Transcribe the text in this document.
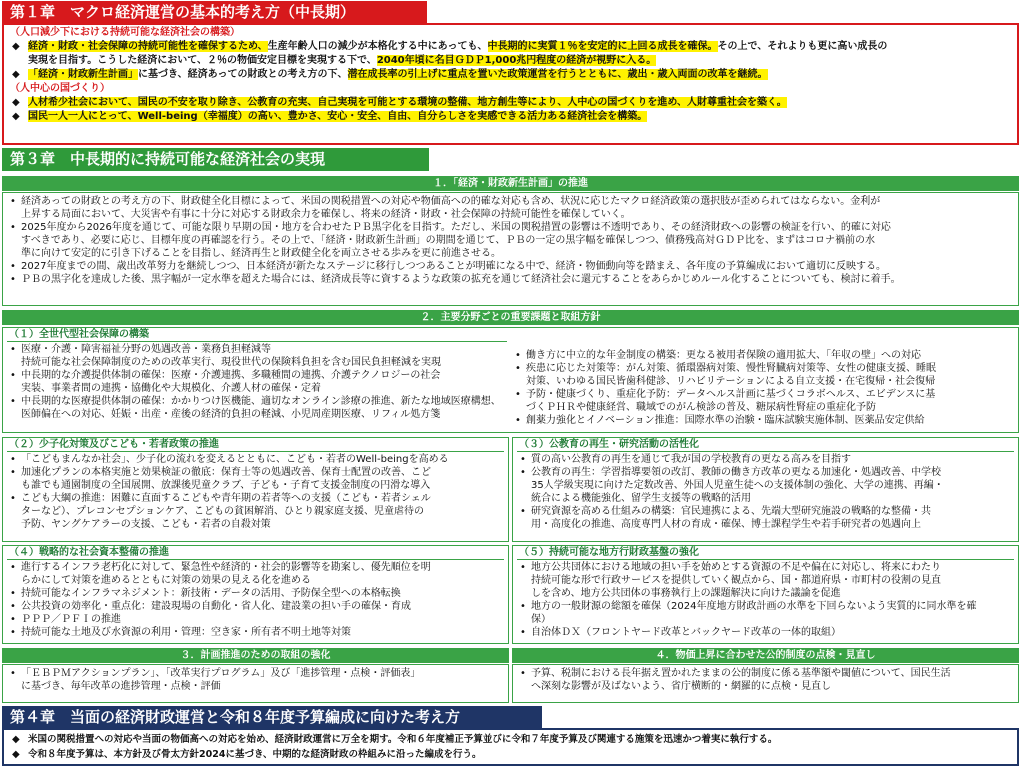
第１章　マクロ経済運営の基本的考え方（中長期）
（人口減少下における持続可能な経済社会の構築）
◆ 経済・財政・社会保障の持続可能性を確保するため、生産年齢人口の減少が本格化する中にあっても、中長期的に実質１％を安定的に上回る成長を確保。その上で、それよりも更に高い成長の
実現を目指す。こうした経済において、２％の物価安定目標を実現する下で、2040年頃に名目ＧＤＰ1,000兆円程度の経済が視野に入る。
◆ 「経済・財政新生計画」に基づき、経済あっての財政との考え方の下、潜在成長率の引上げに重点を置いた政策運営を行うとともに、歳出・歳入両面の改革を継続。
（人中心の国づくり）
◆ 人材希少社会において、国民の不安を取り除き、公教育の充実、自己実現を可能とする環境の整備、地方創生等により、人中心の国づくりを進め、人財尊重社会を築く。
◆ 国民一人一人にとって、Well-being（幸福度）の高い、豊かさ、安心・安全、自由、自分らしさを実感できる活力ある経済社会を構築。
第３章　中長期的に持続可能な経済社会の実現
１．「経済・財政新生計画」の推進
• 経済あっての財政との考え方の下、財政健全化目標によって、米国の関税措置への対応や物価高への的確な対応も含め、状況に応じたマクロ経済政策の選択肢が歪められてはならない。金利が
上昇する局面において、大災害や有事に十分に対応する財政余力を確保し、将来の経済・財政・社会保障の持続可能性を確保していく。
• 2025年度から2026年度を通じて、可能な限り早期の国・地方を合わせたＰＢ黒字化を目指す。ただし、米国の関税措置の影響は不透明であり、その経済財政への影響の検証を行い、的確に対応
すべきであり、必要に応じ、目標年度の再確認を行う。その上で、「経済・財政新生計画」の期間を通じて、ＰＢの一定の黒字幅を確保しつつ、債務残高対ＧＤＰ比を、まずはコロナ禍前の水
準に向けて安定的に引き下げることを目指し、経済再生と財政健全化を両立させる歩みを更に前進させる。
• 2027年度までの間、歳出改革努力を継続しつつ、日本経済が新たなステージに移行しつつあることが明確になる中で、経済・物価動向等を踏まえ、各年度の予算編成において適切に反映する。
• ＰＢの黒字化を達成した後、黒字幅が一定水準を超えた場合には、経済成長等に資するような政策の拡充を通じて経済社会に還元することをあらかじめルール化することについても、検討に着手。
２．主要分野ごとの重要課題と取組方針
（１）全世代型社会保障の構築
• 医療・介護・障害福祉分野の処遇改善・業務負担軽減等
持続可能な社会保障制度のための改革実行、現役世代の保険料負担を含む国民負担軽減を実現
• 中長期的な介護提供体制の確保：医療・介護連携、多職種間の連携、介護テクノロジーの社会
実装、事業者間の連携・協働化や大規模化、介護人材の確保・定着
• 中長期的な医療提供体制の確保：かかりつけ医機能、適切なオンライン診療の推進、新たな地域医療構想、
医師偏在への対応、妊娠・出産・産後の経済的負担の軽減、小児周産期医療、リフィル処方箋
• 働き方に中立的な年金制度の構築：更なる被用者保険の適用拡大、「年収の壁」への対応
• 疾患に応じた対策等：がん対策、循環器病対策、慢性腎臓病対策等、女性の健康支援、睡眠
対策、いわゆる国民皆歯科健診、リハビリテーションによる自立支援・在宅復帰・社会復帰
• 予防・健康づくり、重症化予防：データヘルス計画に基づくコラボヘルス、エビデンスに基
づくＰＨＲや健康経営、職域でのがん検診の普及、糖尿病性腎症の重症化予防
• 創薬力強化とイノベーション推進：国際水準の治験・臨床試験実施体制、医薬品安定供給
（２）少子化対策及びこども・若者政策の推進
• 「こどもまんなか社会」、少子化の流れを変えるとともに、こども・若者のWell-beingを高める
• 加速化プランの本格実施と効果検証の徹底：保育士等の処遇改善、保育士配置の改善、こど
も誰でも通園制度の全国展開、放課後児童クラブ、子ども・子育て支援金制度の円滑な導入
• こども大綱の推進：困難に直面するこどもや青年期の若者等への支援（こども・若者シェル
ターなど）、プレコンセプションケア、こどもの貧困解消、ひとり親家庭支援、児童虐待の
予防、ヤングケアラーの支援、こども・若者の自殺対策
（３）公教育の再生・研究活動の活性化
• 質の高い公教育の再生を通じて我が国の学校教育の更なる高みを目指す
• 公教育の再生：学習指導要領の改訂、教師の働き方改革の更なる加速化・処遇改善、中学校
35人学級実現に向けた定数改善、外国人児童生徒への支援体制の強化、大学の連携、再編・
統合による機能強化、留学生支援等の戦略的活用
• 研究資源を高める仕組みの構築：官民連携による、先端大型研究施設の戦略的な整備・共
用・高度化の推進、高度専門人材の育成・確保、博士課程学生や若手研究者の処遇向上
（４）戦略的な社会資本整備の推進
• 進行するインフラ老朽化に対して、緊急性や経済的・社会的影響等を勘案し、優先順位を明
らかにして対策を進めるとともに対策の効果の見える化を進める
• 持続可能なインフラマネジメント：新技術・データの活用、予防保全型への本格転換
• 公共投資の効率化・重点化：建設現場の自動化・省人化、建設業の担い手の確保・育成
• ＰＰＰ／ＰＦＩの推進
• 持続可能な土地及び水資源の利用・管理：空き家・所有者不明土地等対策
（５）持続可能な地方行財政基盤の強化
• 地方公共団体における地域の担い手を始めとする資源の不足や偏在に対応し、将来にわたり
持続可能な形で行政サービスを提供していく観点から、国・都道府県・市町村の役割の見直
しを含め、地方公共団体の事務執行上の課題解決に向けた議論を促進
• 地方の一般財源の総額を確保（2024年度地方財政計画の水準を下回らないよう実質的に同水準を確
保）
• 自治体ＤＸ（フロントヤード改革とバックヤード改革の一体的取組）
３．計画推進のための取組の強化
• 「ＥＢＰＭアクションプラン」、「改革実行プログラム」及び「進捗管理・点検・評価表」
に基づき、毎年改革の進捗管理・点検・評価
４．物価上昇に合わせた公的制度の点検・見直し
• 予算、税制における長年据え置かれたままの公的制度に係る基準額や閾値について、国民生活
へ深刻な影響が及ばないよう、省庁横断的・網羅的に点検・見直し
第４章　当面の経済財政運営と令和８年度予算編成に向けた考え方
◆ 米国の関税措置への対応や当面の物価高への対応を始め、経済財政運営に万全を期す。令和６年度補正予算並びに令和７年度予算及び関連する施策を迅速かつ着実に執行する。
◆ 令和８年度予算は、本方針及び骨太方針2024に基づき、中期的な経済財政の枠組みに沿った編成を行う。
